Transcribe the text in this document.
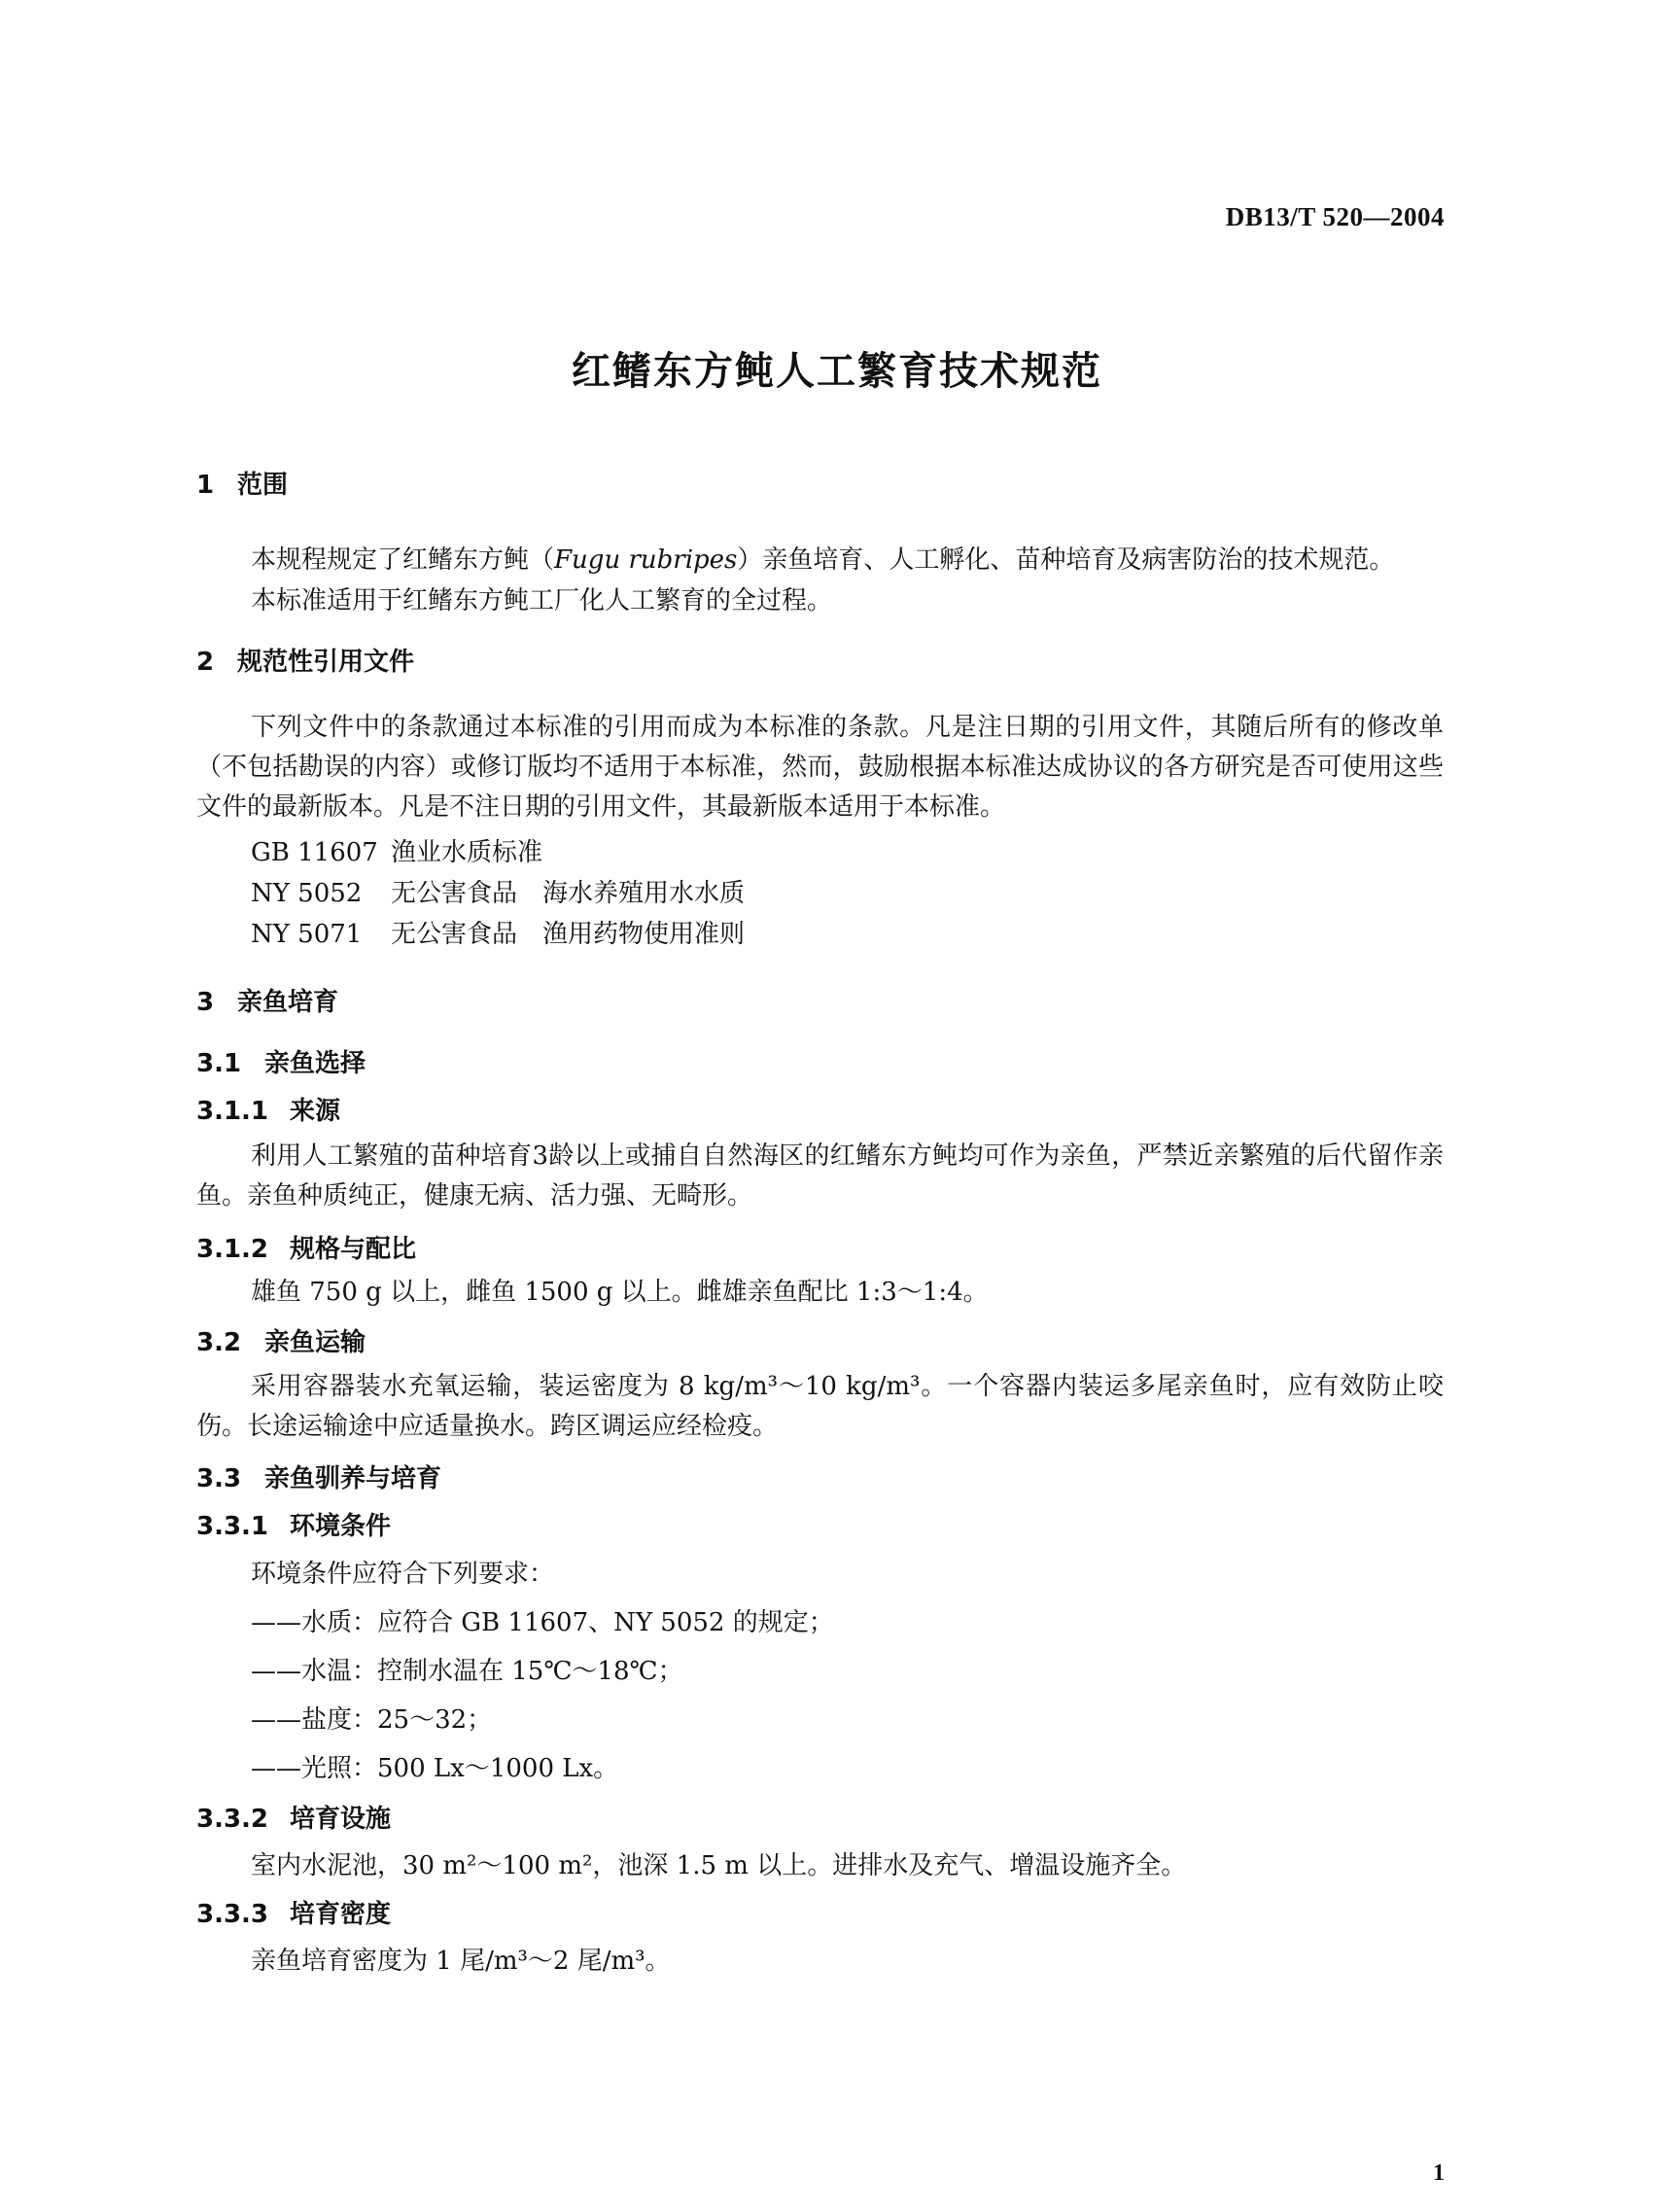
DB13/T 520—2004
红鳍东方鲀人工繁育技术规范
1 范围
本规程规定了红鳍东方鲀（Fugu rubripes）亲鱼培育、人工孵化、苗种培育及病害防治的技术规范。
本标准适用于红鳍东方鲀工厂化人工繁育的全过程。
2 规范性引用文件
下列文件中的条款通过本标准的引用而成为本标准的条款。凡是注日期的引用文件，其随后所有的修改单（不包括勘误的内容）或修订版均不适用于本标准，然而，鼓励根据本标准达成协议的各方研究是否可使用这些文件的最新版本。凡是不注日期的引用文件，其最新版本适用于本标准。
GB 11607 渔业水质标准
NY 5052 无公害食品　海水养殖用水水质
NY 5071 无公害食品　渔用药物使用准则
3 亲鱼培育
3.1 亲鱼选择
3.1.1 来源
利用人工繁殖的苗种培育3龄以上或捕自自然海区的红鳍东方鲀均可作为亲鱼，严禁近亲繁殖的后代留作亲鱼。亲鱼种质纯正，健康无病、活力强、无畸形。
3.1.2 规格与配比
雄鱼 750 g 以上，雌鱼 1500 g 以上。雌雄亲鱼配比 1:3～1:4。
3.2 亲鱼运输
采用容器装水充氧运输，装运密度为 8 kg/m³～10 kg/m³。一个容器内装运多尾亲鱼时，应有效防止咬伤。长途运输途中应适量换水。跨区调运应经检疫。
3.3 亲鱼驯养与培育
3.3.1 环境条件
环境条件应符合下列要求：
——水质：应符合 GB 11607、NY 5052 的规定；
——水温：控制水温在 15℃～18℃；
——盐度：25～32；
——光照：500 Lx～1000 Lx。
3.3.2 培育设施
室内水泥池，30 m²～100 m²，池深 1.5 m 以上。进排水及充气、增温设施齐全。
3.3.3 培育密度
亲鱼培育密度为 1 尾/m³～2 尾/m³。
1
